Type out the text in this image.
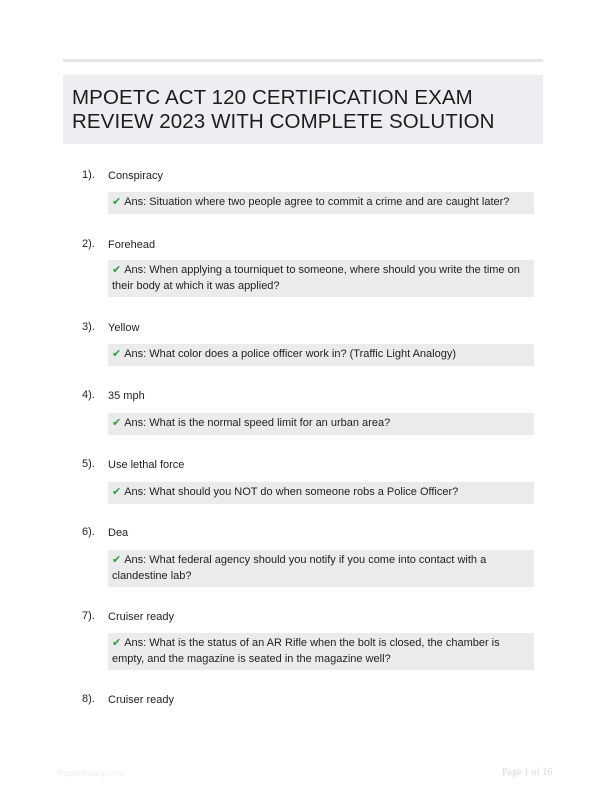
MPOETC ACT 120 CERTIFICATION EXAM
REVIEW 2023 WITH COMPLETE SOLUTION
1). Conspiracy
✔ Ans: Situation where two people agree to commit a crime and are caught later?
2). Forehead
✔ Ans: When applying a tourniquet to someone, where should you write the time on their body at which it was applied?
3). Yellow
✔ Ans: What color does a police officer work in? (Traffic Light Analogy)
4). 35 mph
✔ Ans: What is the normal speed limit for an urban area?
5). Use lethal force
✔ Ans: What should you NOT do when someone robs a Police Officer?
6). Dea
✔ Ans: What federal agency should you notify if you come into contact with a clandestine lab?
7). Cruiser ready
✔ Ans: What is the status of an AR Rifle when the bolt is closed, the chamber is empty, and the magazine is seated in the magazine well?
8). Cruiser ready
Paperlibrary.com	Page 1 of 16
